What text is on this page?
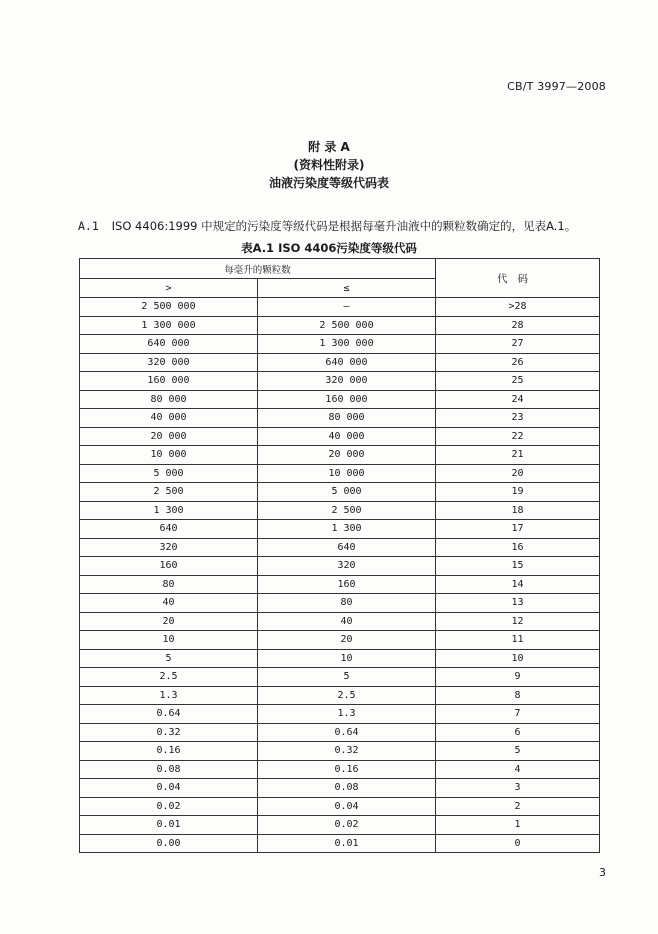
CB/T 3997—2008
附 录 A
(资料性附录)
油液污染度等级代码表
A.1 ISO 4406:1999 中规定的污染度等级代码是根据每毫升油液中的颗粒数确定的，见表A.1。
表A.1 ISO 4406污染度等级代码
每毫升的颗粒数		代码
>	≤	
2 500 000	—	>28
1 300 000	2 500 000	28
640 000	1 300 000	27
320 000	640 000	26
160 000	320 000	25
80 000	160 000	24
40 000	80 000	23
20 000	40 000	22
10 000	20 000	21
5 000	10 000	20
2 500	5 000	19
1 300	2 500	18
640	1 300	17
320	640	16
160	320	15
80	160	14
40	80	13
20	40	12
10	20	11
5	10	10
2.5	5	9
1.3	2.5	8
0.64	1.3	7
0.32	0.64	6
0.16	0.32	5
0.08	0.16	4
0.04	0.08	3
0.02	0.04	2
0.01	0.02	1
0.00	0.01	0
3
